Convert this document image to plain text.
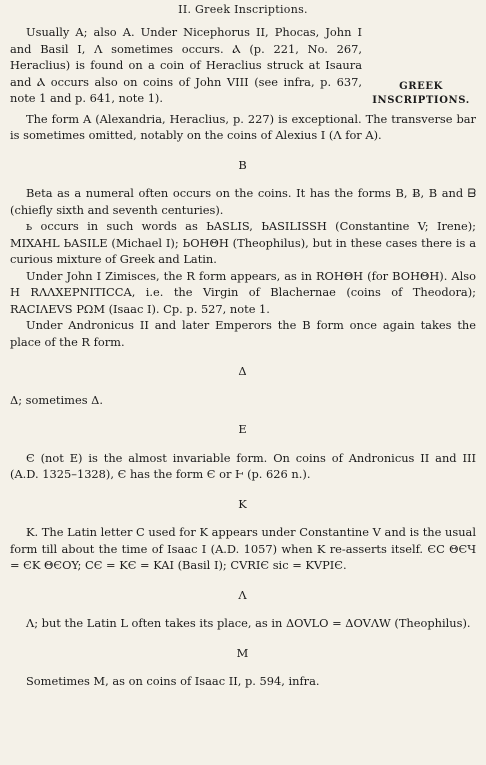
II. Greek Inscriptions.
GREEK INSCRIPTIONS.

Usually A; also A. Under Nicephorus II, Phocas, John I and Basil I, Λ sometimes occurs. Ⲁ (p. 221, No. 267, Heraclius) is found on a coin of Heraclius struck at Isaura and Ⲁ occurs also on coins of John VIII (see infra, p. 637, note 1 and p. 641, note 1).

The form Α (Alexandria, Heraclius, p. 227) is exceptional. The transverse bar is sometimes omitted, notably on the coins of Alexius I (Λ for A).

B

Beta as a numeral often occurs on the coins. It has the forms B, Ƀ, B and ᗷ (chiefly sixth and seventh centuries).

ь occurs in such words as ЬASLIS, ЬASILISSH (Constantine V; Irene); MIXAHL ЬASILE (Michael I); ЬOHΘH (Theophilus), but in these cases there is a curious mixture of Greek and Latin.

Under John I Zimisces, the R form appears, as in ROHΘH (for BOHΘH). Also H RΛΛXEPNITICCA, i.e. the Virgin of Blachernae (coins of Theodora); RACIΛEVS PΩM (Isaac I). Cp. p. 527, note 1.

Under Andronicus II and later Emperors the B form once again takes the place of the R form.

Δ

Δ; sometimes Δ.

E

Є (not E) is the almost invariable form. On coins of Andronicus II and III (A.D. 1325–1328), Є has the form Є or Ͱ (p. 626 n.).

K

K. The Latin letter C used for K appears under Constantine V and is the usual form till about the time of Isaac I (A.D. 1057) when K re-asserts itself. ЄC ΘЄЧ = ЄK ΘЄOY; CЄ = KЄ = KAI (Basil I); CVRIЄ sic = KVPIЄ.

Λ

Λ; but the Latin L often takes its place, as in ΔOVLO = ΔOVΛW (Theophilus).

M

Sometimes M, as on coins of Isaac II, p. 594, infra.
